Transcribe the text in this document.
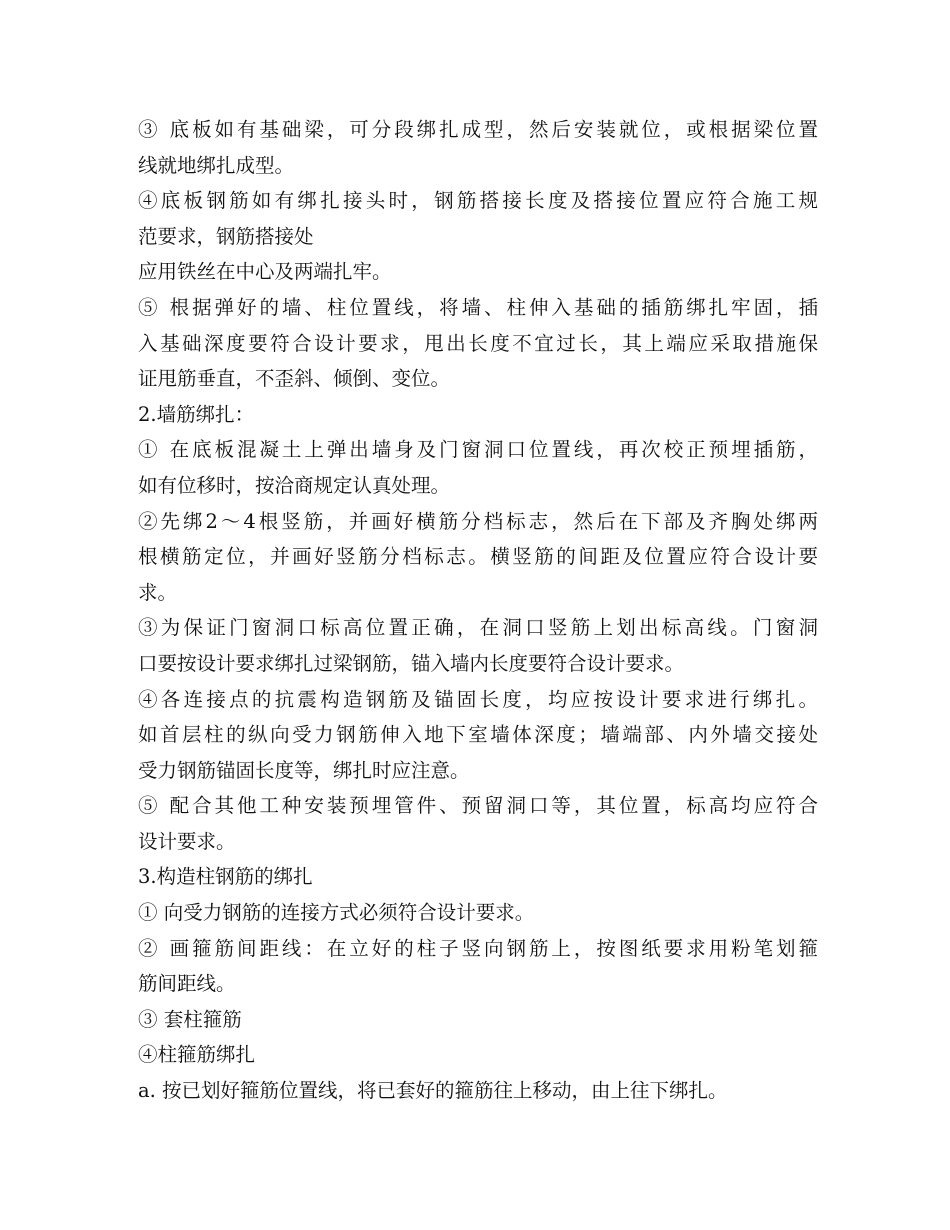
③ 底板如有基础梁，可分段绑扎成型，然后安装就位，或根据梁位置
线就地绑扎成型。
④底板钢筋如有绑扎接头时，钢筋搭接长度及搭接位置应符合施工规
范要求，钢筋搭接处
应用铁丝在中心及两端扎牢。
⑤ 根据弹好的墙、柱位置线，将墙、柱伸入基础的插筋绑扎牢固，插
入基础深度要符合设计要求，甩出长度不宜过长，其上端应采取措施保
证甩筋垂直，不歪斜、倾倒、变位。
2.墙筋绑扎：
① 在底板混凝土上弹出墙身及门窗洞口位置线，再次校正预埋插筋，
如有位移时，按洽商规定认真处理。
②先绑2～4根竖筋，并画好横筋分档标志，然后在下部及齐胸处绑两
根横筋定位，并画好竖筋分档标志。横竖筋的间距及位置应符合设计要
求。
③为保证门窗洞口标高位置正确，在洞口竖筋上划出标高线。门窗洞
口要按设计要求绑扎过梁钢筋，锚入墙内长度要符合设计要求。
④各连接点的抗震构造钢筋及锚固长度，均应按设计要求进行绑扎。
如首层柱的纵向受力钢筋伸入地下室墙体深度；墙端部、内外墙交接处
受力钢筋锚固长度等，绑扎时应注意。
⑤ 配合其他工种安装预埋管件、预留洞口等，其位置，标高均应符合
设计要求。
3.构造柱钢筋的绑扎
① 向受力钢筋的连接方式必须符合设计要求。
② 画箍筋间距线：在立好的柱子竖向钢筋上，按图纸要求用粉笔划箍
筋间距线。
③ 套柱箍筋
④柱箍筋绑扎
a. 按已划好箍筋位置线，将已套好的箍筋往上移动，由上往下绑扎。
